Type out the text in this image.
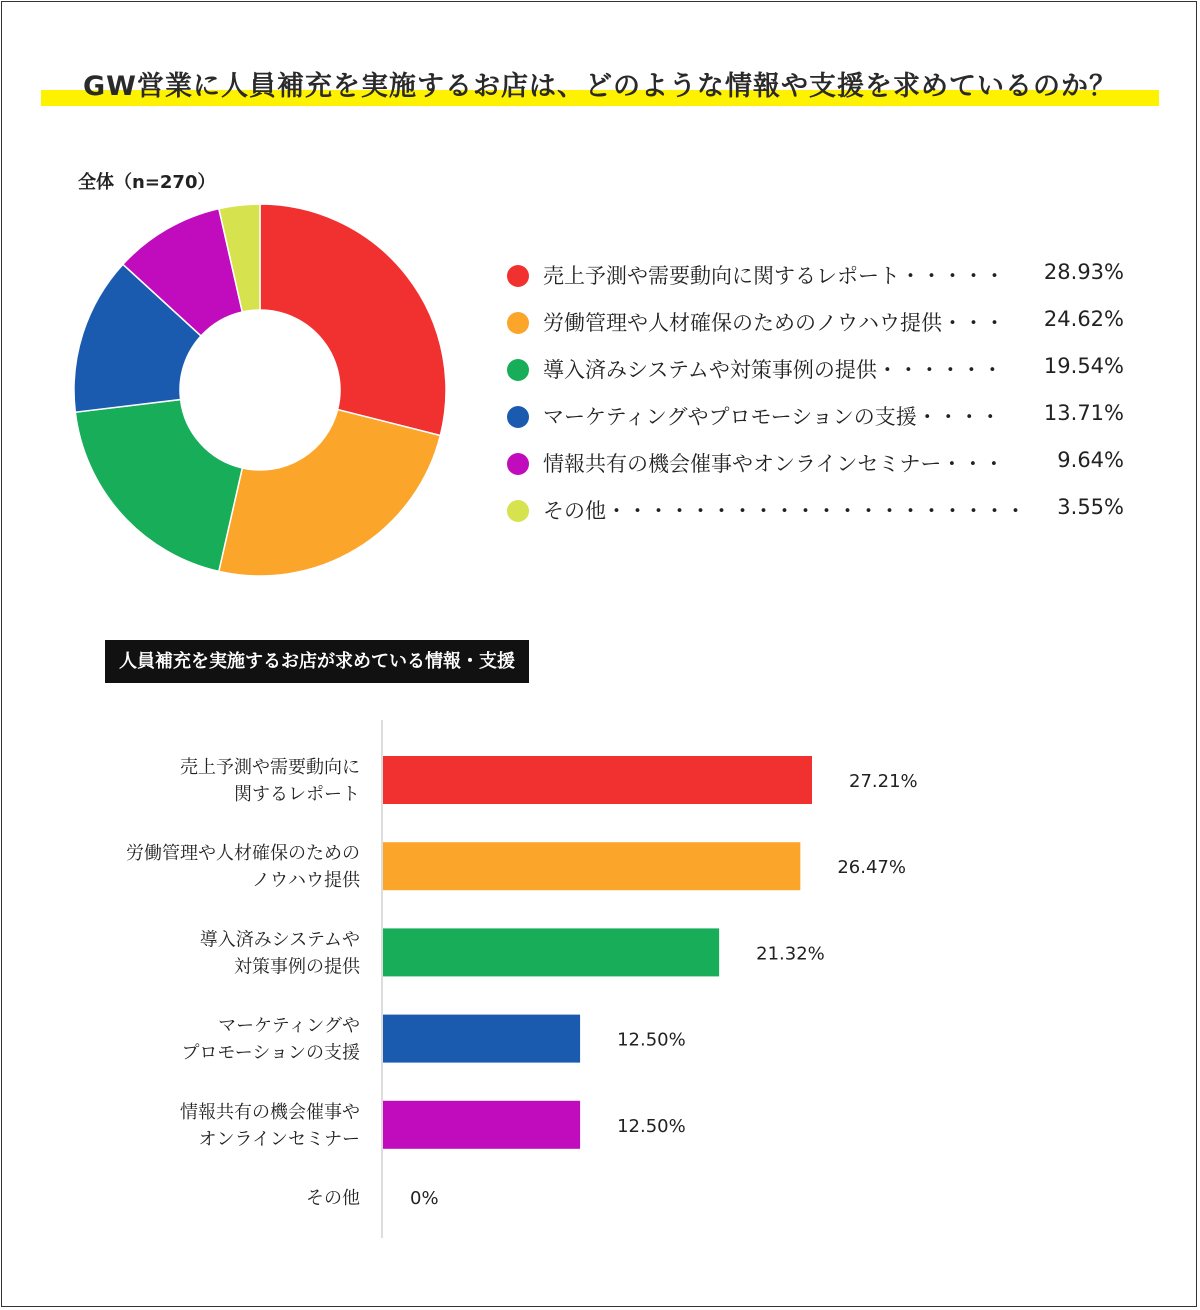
GW営業に人員補充を実施するお店は、どのような情報や支援を求めているのか？
全体（n=270）
売上予測や需要動向に関するレポート・・・・・ 28.93%
労働管理や人材確保のためのノウハウ提供・・・ 24.62%
導入済みシステムや対策事例の提供・・・・・・ 19.54%
マーケティングやプロモーションの支援・・・・ 13.71%
情報共有の機会催事やオンラインセミナー・・・	9.64%
その他・・・・・・・・・・・・・・・・・・・・ 3.55%
人員補充を実施するお店が求めている情報・支援
27.21%
売上予測や需要動向に
関するレポート
26.47%
労働管理や人材確保のための
ノウハウ提供
21.32%
導入済みシステムや
対策事例の提供
12.50%
マーケティングや
プロモーションの支援
12.50%
情報共有の機会催事や
オンラインセミナー
0%
その他
